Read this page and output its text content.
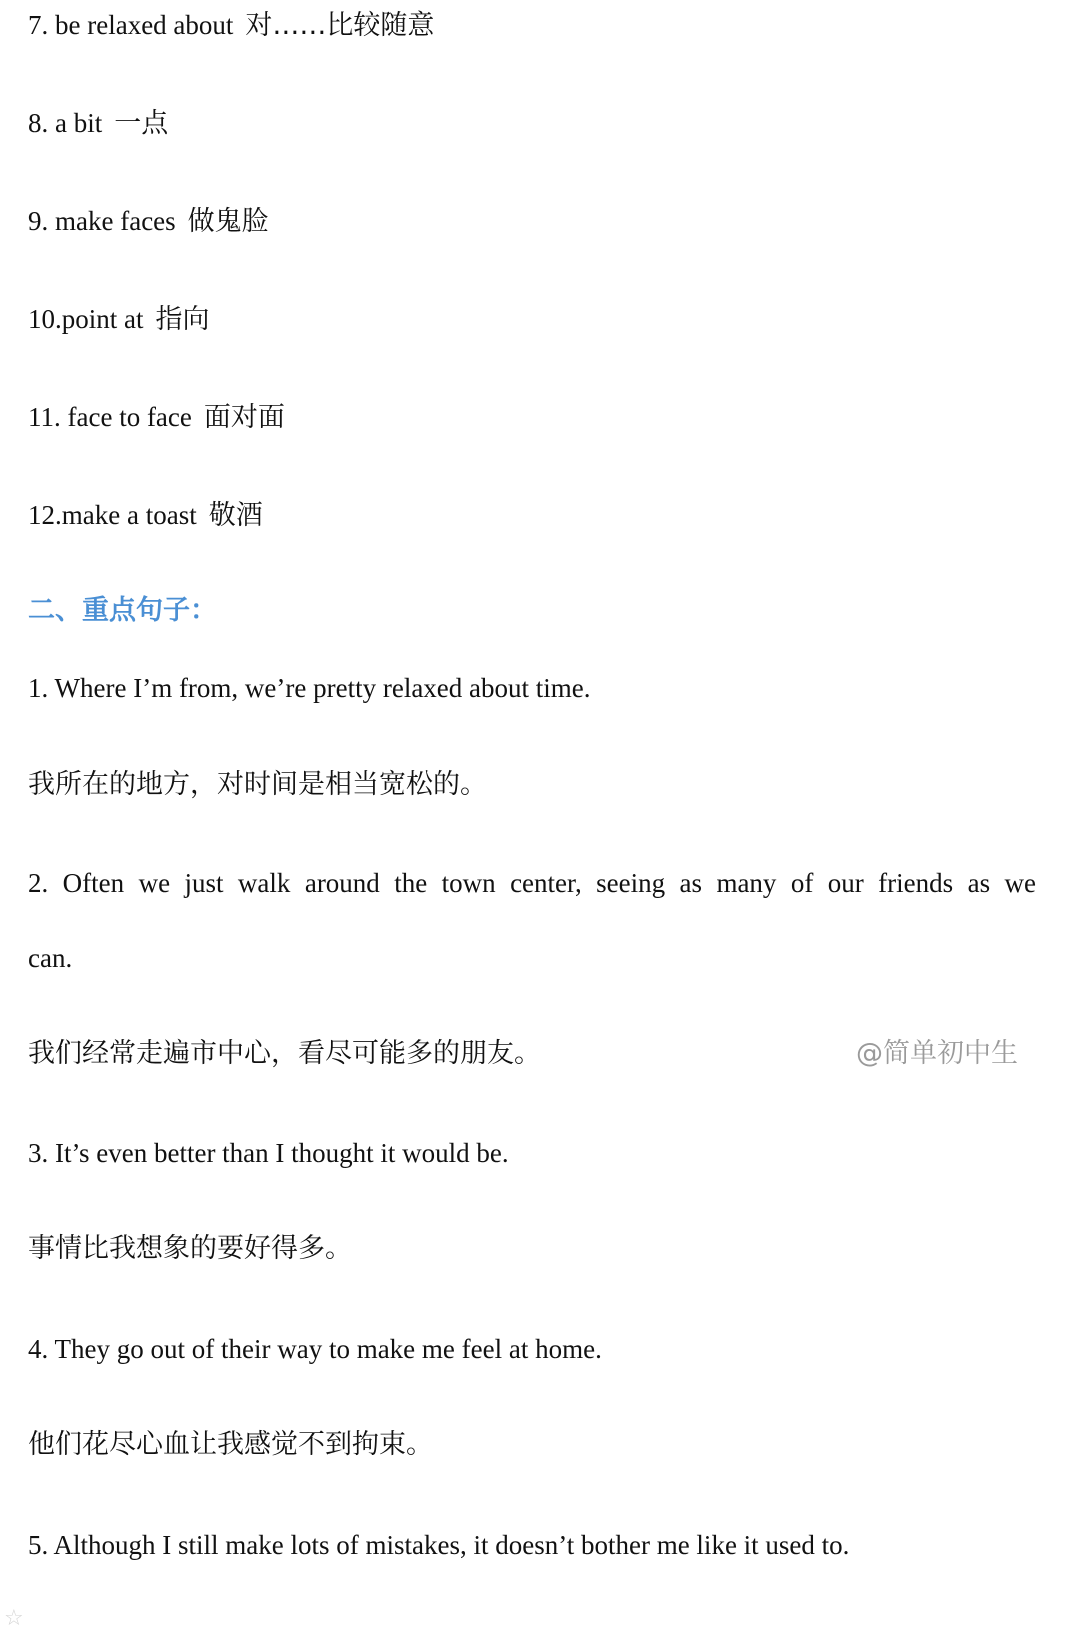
7. be relaxed about 对……比较随意
8. a bit 一点
9. make faces 做鬼脸
10.point at 指向
11. face to face 面对面
12.make a toast 敬酒
二、重点句子：
1. Where I’m from, we’re pretty relaxed about time.
我所在的地方，对时间是相当宽松的。
2. Often we just walk around the town center, seeing as many of our friends as we
can.
我们经常走遍市中心，看尽可能多的朋友。	@简单初中生
3. It’s even better than I thought it would be.
事情比我想象的要好得多。
4. They go out of their way to make me feel at home.
他们花尽心血让我感觉不到拘束。
5. Although I still make lots of mistakes, it doesn’t bother me like it used to.
☆
